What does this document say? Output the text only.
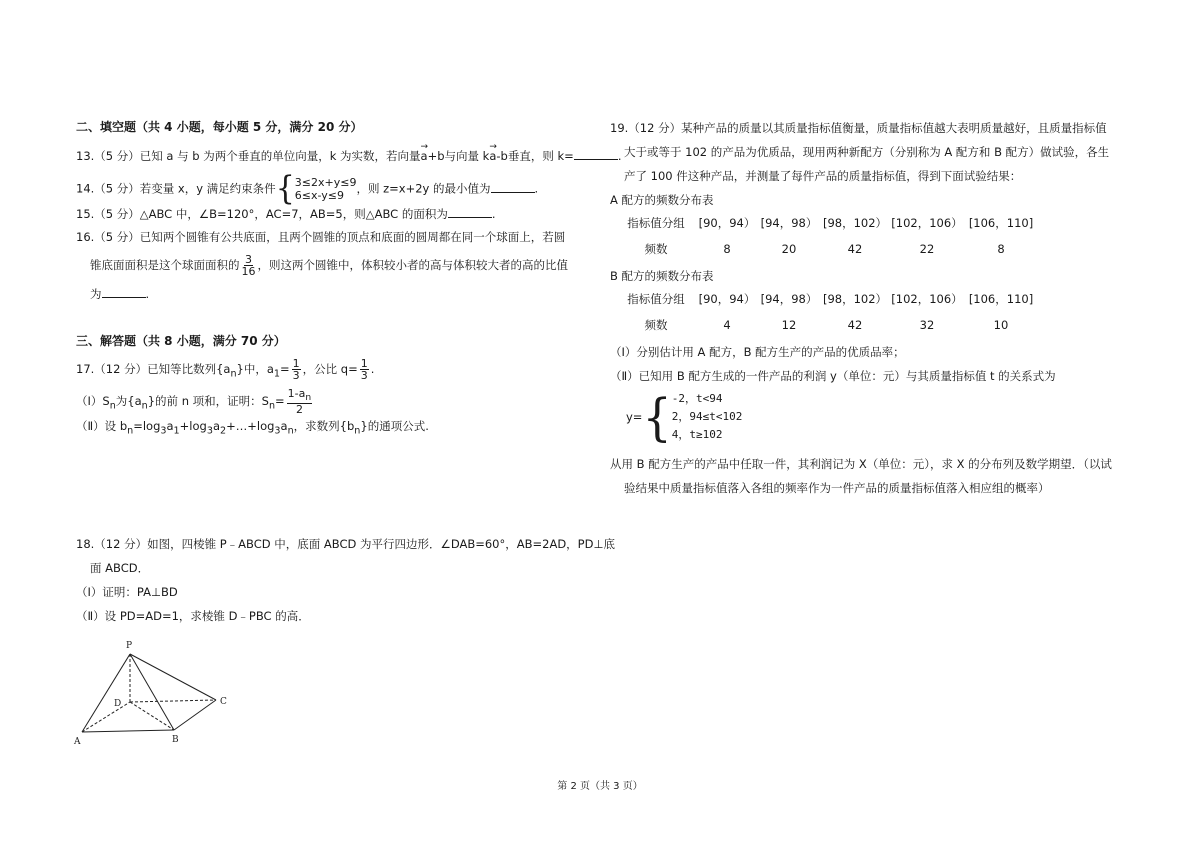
二、填空题（共 4 小题，每小题 5 分，满分 20 分）
13.（5 分）已知 a 与 b 为两个垂直的单位向量，k 为实数，若向量→ a+b与向量 k→ a-b垂直，则 k=	.
14.（5 分）若变量 x，y 满足约束条件{ 3≤2x+y≤9
6≤x-y≤9	，则 z=x+2y 的最小值为	.
15.（5 分）△ABC 中，∠B=120°，AC=7，AB=5，则△ABC 的面积为	.
16.（5 分）已知两个圆锥有公共底面，且两个圆锥的顶点和底面的圆周都在同一个球面上，若圆
锥底面面积是这个球面面积的 $\frac{3}{16}$ ，则这两个圆锥中，体积较小者的高与体积较大者的高的比值
为	.
三、解答题（共 8 小题，满分 70 分）
17.（12 分）已知等比数列$\{a_n\}$中，$a_1= \frac{1}{3}$ ，公比 $q= \frac{1}{3}$ .
$(Ⅰ)S_n$为$\{a_n\}$的前 n 项和，证明：$S_n= \frac{1-a_n}{2}$
（Ⅱ）设 $b_n=\log_3a_1+\log_3a_2+\dots+\log_3a_n$，求数列$\{b_n\}$的通项公式.
18.（12 分）如图，四棱锥 P﹣ABCD 中，底面 ABCD 为平行四边形．∠DAB=60°，AB=2AD，PD⊥底
面 ABCD．
（Ⅰ）证明：PA⊥BD
（Ⅱ）设 PD=AD=1，求棱锥 D﹣PBC 的高．
P
D	C
A	B
19.（12 分）某种产品的质量以其质量指标值衡量，质量指标值越大表明质量越好，且质量指标值
大于或等于 102 的产品为优质品，现用两种新配方（分别称为 A 配方和 B 配方）做试验，各生
产了 100 件这种产品，并测量了每件产品的质量指标值，得到下面试验结果：
A 配方的频数分布表
指标值分组	[90，94）	[94，98）	[98，102）	[102，106）	[106，110]
频数	8	20	42	22	8
B 配方的频数分布表
指标值分组	[90，94）	[94，98）	[98，102）	[102，106）	[106，110]
频数	4	12	42	32	10
（Ⅰ）分别估计用 A 配方，B 配方生产的产品的优质品率；
（Ⅱ）已知用 B 配方生成的一件产品的利润 y（单位：元）与其质量指标值 t 的关系式为
y= { -2，t<94
2，94≤t<102
4，t≥102
从用 B 配方生产的产品中任取一件，其利润记为 X（单位：元），求 X 的分布列及数学期望．（以试
验结果中质量指标值落入各组的频率作为一件产品的质量指标值落入相应组的概率）
第 2 页（共 3 页）
